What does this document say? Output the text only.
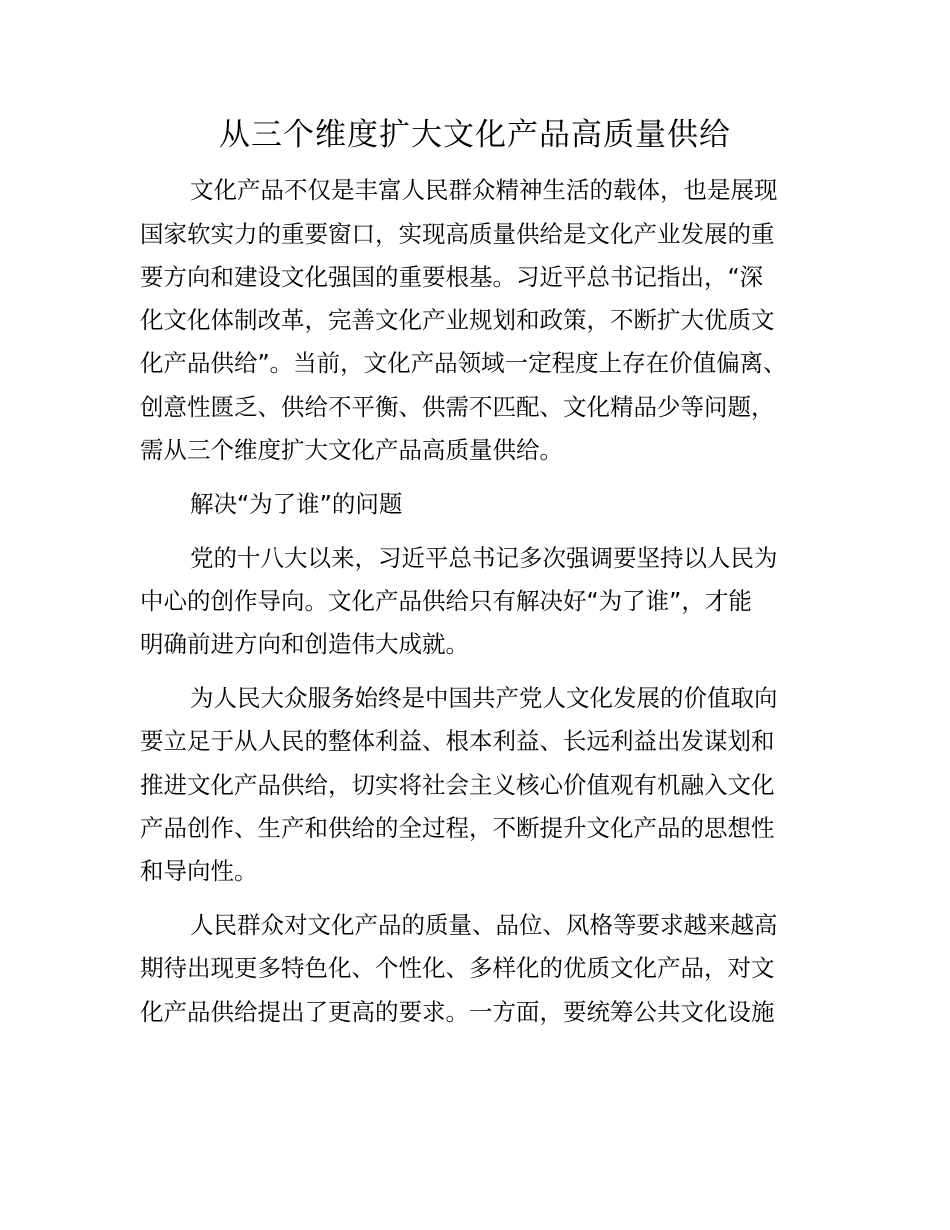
从三个维度扩大文化产品高质量供给

文化产品不仅是丰富人民群众精神生活的载体，也是展现

国家软实力的重要窗口，实现高质量供给是文化产业发展的重

要方向和建设文化强国的重要根基。习近平总书记指出，“深

化文化体制改革，完善文化产业规划和政策，不断扩大优质文

化产品供给”。当前，文化产品领域一定程度上存在价值偏离、

创意性匮乏、供给不平衡、供需不匹配、文化精品少等问题，

需从三个维度扩大文化产品高质量供给。

解决“为了谁”的问题

党的十八大以来，习近平总书记多次强调要坚持以人民为

中心的创作导向。文化产品供给只有解决好“为了谁”，才能

明确前进方向和创造伟大成就。

为人民大众服务始终是中国共产党人文化发展的价值取向

要立足于从人民的整体利益、根本利益、长远利益出发谋划和

推进文化产品供给，切实将社会主义核心价值观有机融入文化

产品创作、生产和供给的全过程，不断提升文化产品的思想性

和导向性。

人民群众对文化产品的质量、品位、风格等要求越来越高

期待出现更多特色化、个性化、多样化的优质文化产品，对文

化产品供给提出了更高的要求。一方面，要统筹公共文化设施
